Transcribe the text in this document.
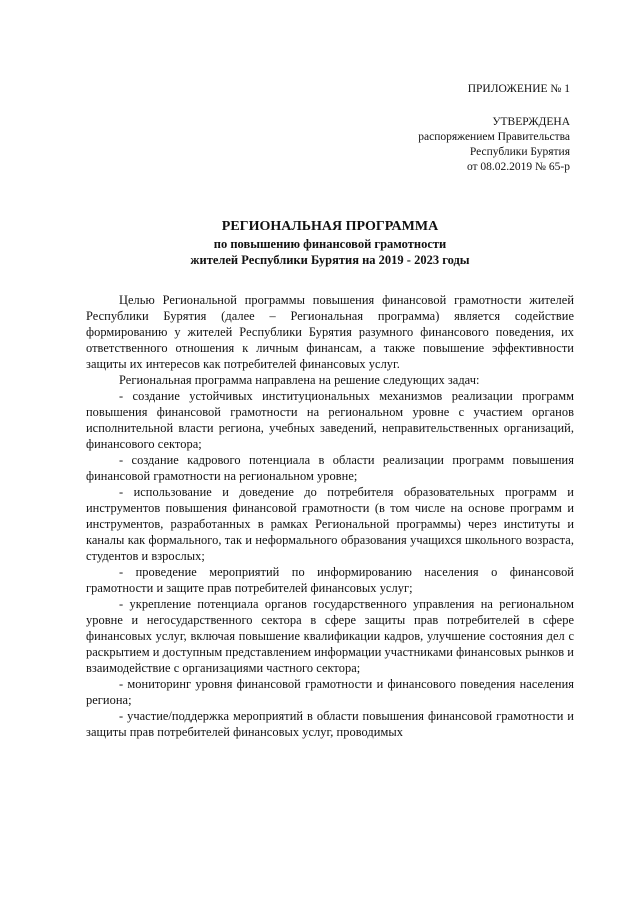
ПРИЛОЖЕНИЕ № 1
УТВЕРЖДЕНА
распоряжением Правительства
Республики Бурятия
от 08.02.2019 № 65-р
РЕГИОНАЛЬНАЯ ПРОГРАММА
по повышению финансовой грамотности
жителей Республики Бурятия на 2019 - 2023 годы

Целью Региональной программы повышения финансовой грамотности жителей Республики Бурятия (далее – Региональная программа) является содействие формированию у жителей Республики Бурятия разумного финансового поведения, их ответственного отношения к личным финансам, а также повышение эффективности защиты их интересов как потребителей финансовых услуг.

Региональная программа направлена на решение следующих задач:

- создание устойчивых институциональных механизмов реализации программ повышения финансовой грамотности на региональном уровне с участием органов исполнительной власти региона, учебных заведений, неправительственных организаций, финансового сектора;

- создание кадрового потенциала в области реализации программ повышения финансовой грамотности на региональном уровне;

- использование и доведение до потребителя образовательных программ и инструментов повышения финансовой грамотности (в том числе на основе программ и инструментов, разработанных в рамках Региональной программы) через институты и каналы как формального, так и неформального образования учащихся школьного возраста, студентов и взрослых;

- проведение мероприятий по информированию населения о финансовой грамотности и защите прав потребителей финансовых услуг;

- укрепление потенциала органов государственного управления на региональном уровне и негосударственного сектора в сфере защиты прав потребителей в сфере финансовых услуг, включая повышение квалификации кадров, улучшение состояния дел с раскрытием и доступным представлением информации участниками финансовых рынков и взаимодействие с организациями частного сектора;

- мониторинг уровня финансовой грамотности и финансового поведения населения региона;

- участие/поддержка мероприятий в области повышения финансовой грамотности и защиты прав потребителей финансовых услуг, проводимых
